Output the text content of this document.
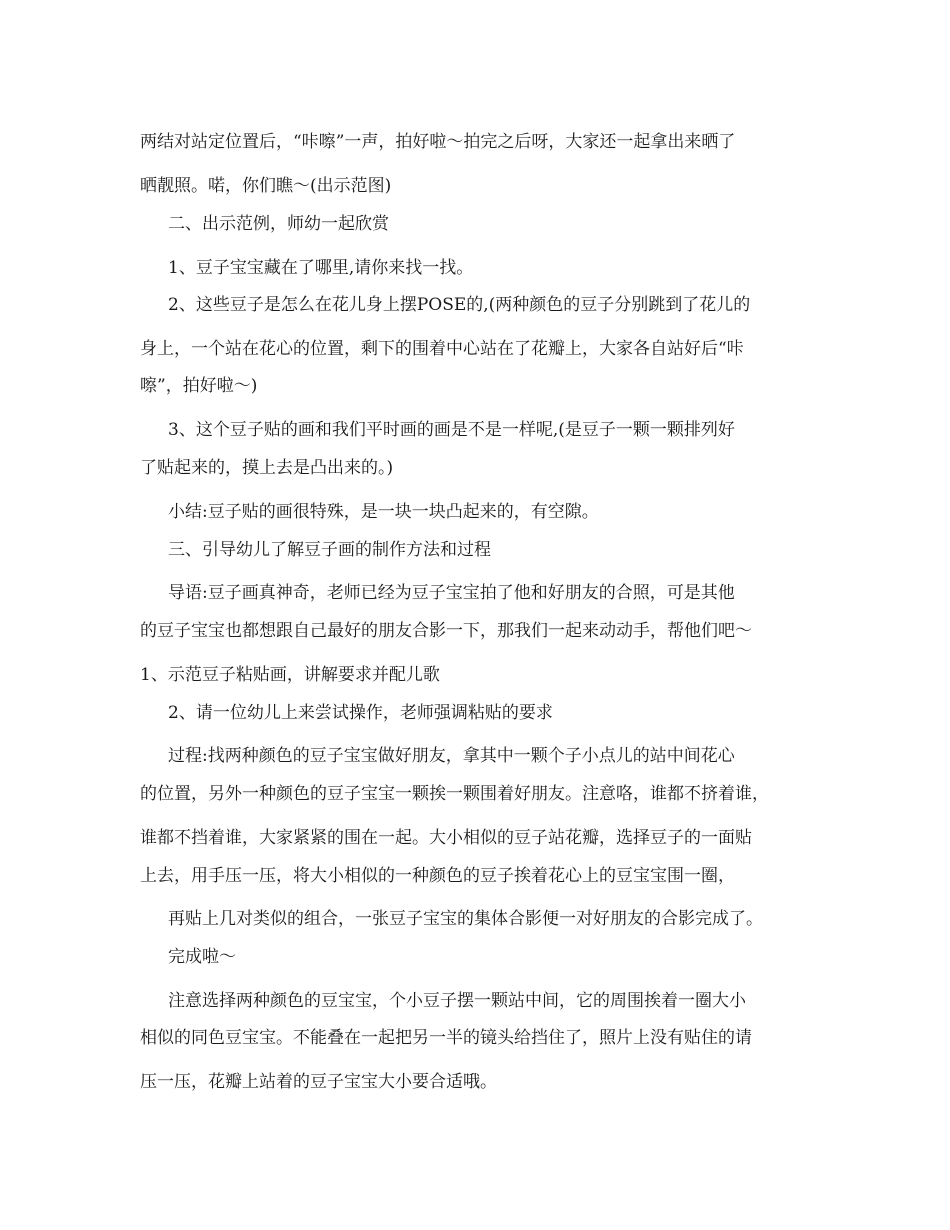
两结对站定位置后，“咔嚓”一声，拍好啦～拍完之后呀，大家还一起拿出来晒了
晒靓照。喏，你们瞧～(出示范图)
二、出示范例，师幼一起欣赏
1、豆子宝宝藏在了哪里,请你来找一找。
2、这些豆子是怎么在花儿身上摆POSE的,(两种颜色的豆子分别跳到了花儿的
身上，一个站在花心的位置，剩下的围着中心站在了花瓣上，大家各自站好后“咔
嚓”，拍好啦～)
3、这个豆子贴的画和我们平时画的画是不是一样呢,(是豆子一颗一颗排列好
了贴起来的，摸上去是凸出来的。)
小结:豆子贴的画很特殊，是一块一块凸起来的，有空隙。
三、引导幼儿了解豆子画的制作方法和过程
导语:豆子画真神奇，老师已经为豆子宝宝拍了他和好朋友的合照，可是其他
的豆子宝宝也都想跟自己最好的朋友合影一下，那我们一起来动动手，帮他们吧～
1、示范豆子粘贴画，讲解要求并配儿歌
2、请一位幼儿上来尝试操作，老师强调粘贴的要求
过程:找两种颜色的豆子宝宝做好朋友，拿其中一颗个子小点儿的站中间花心
的位置，另外一种颜色的豆子宝宝一颗挨一颗围着好朋友。注意咯，谁都不挤着谁，
谁都不挡着谁，大家紧紧的围在一起。大小相似的豆子站花瓣，选择豆子的一面贴
上去，用手压一压，将大小相似的一种颜色的豆子挨着花心上的豆宝宝围一圈，
再贴上几对类似的组合，一张豆子宝宝的集体合影便一对好朋友的合影完成了。
完成啦～
注意选择两种颜色的豆宝宝，个小豆子摆一颗站中间，它的周围挨着一圈大小
相似的同色豆宝宝。不能叠在一起把另一半的镜头给挡住了，照片上没有贴住的请
压一压，花瓣上站着的豆子宝宝大小要合适哦。
